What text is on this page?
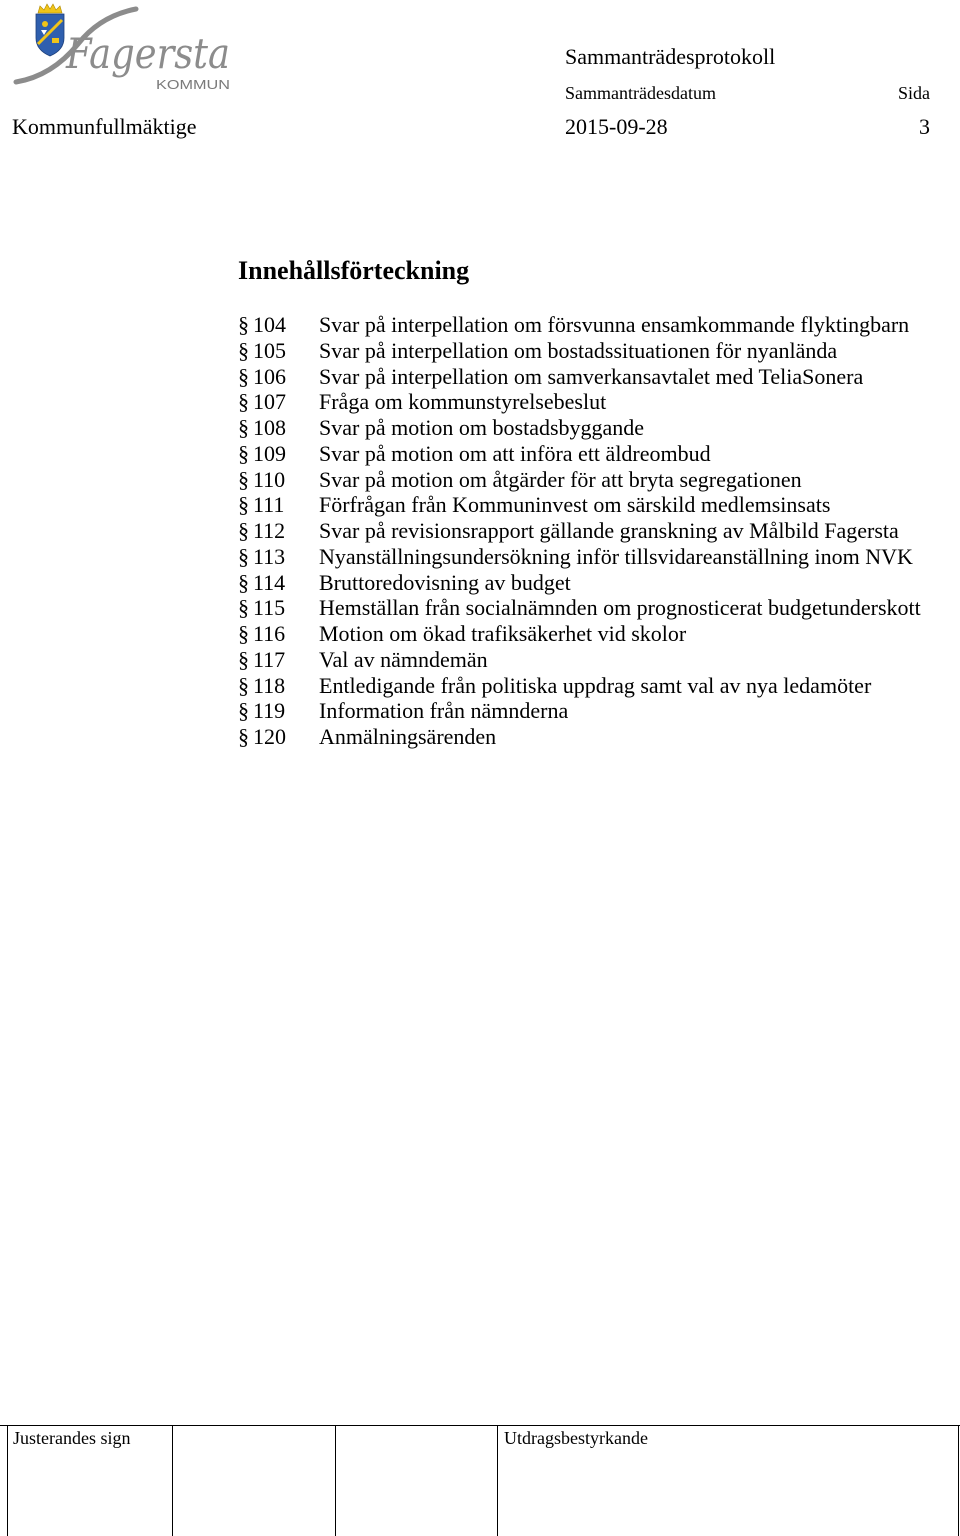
Fagersta
KOMMUN
Sammanträdesprotokoll
Sammanträdesdatum	Sida
Kommunfullmäktige	2015-09-28	3
Innehållsförteckning
§ 104 Svar på interpellation om försvunna ensamkommande flyktingbarn
§ 105 Svar på interpellation om bostadssituationen för nyanlända
§ 106 Svar på interpellation om samverkansavtalet med TeliaSonera
§ 107 Fråga om kommunstyrelsebeslut
§ 108 Svar på motion om bostadsbyggande
§ 109 Svar på motion om att införa ett äldreombud
§ 110 Svar på motion om åtgärder för att bryta segregationen
§ 111 Förfrågan från Kommuninvest om särskild medlemsinsats
§ 112 Svar på revisionsrapport gällande granskning av Målbild Fagersta
§ 113 Nyanställningsundersökning inför tillsvidareanställning inom NVK
§ 114 Bruttoredovisning av budget
§ 115 Hemställan från socialnämnden om prognosticerat budgetunderskott
§ 116 Motion om ökad trafiksäkerhet vid skolor
§ 117 Val av nämndemän
§ 118 Entledigande från politiska uppdrag samt val av nya ledamöter
§ 119 Information från nämnderna
§ 120 Anmälningsärenden
Justerandes sign	Utdragsbestyrkande
